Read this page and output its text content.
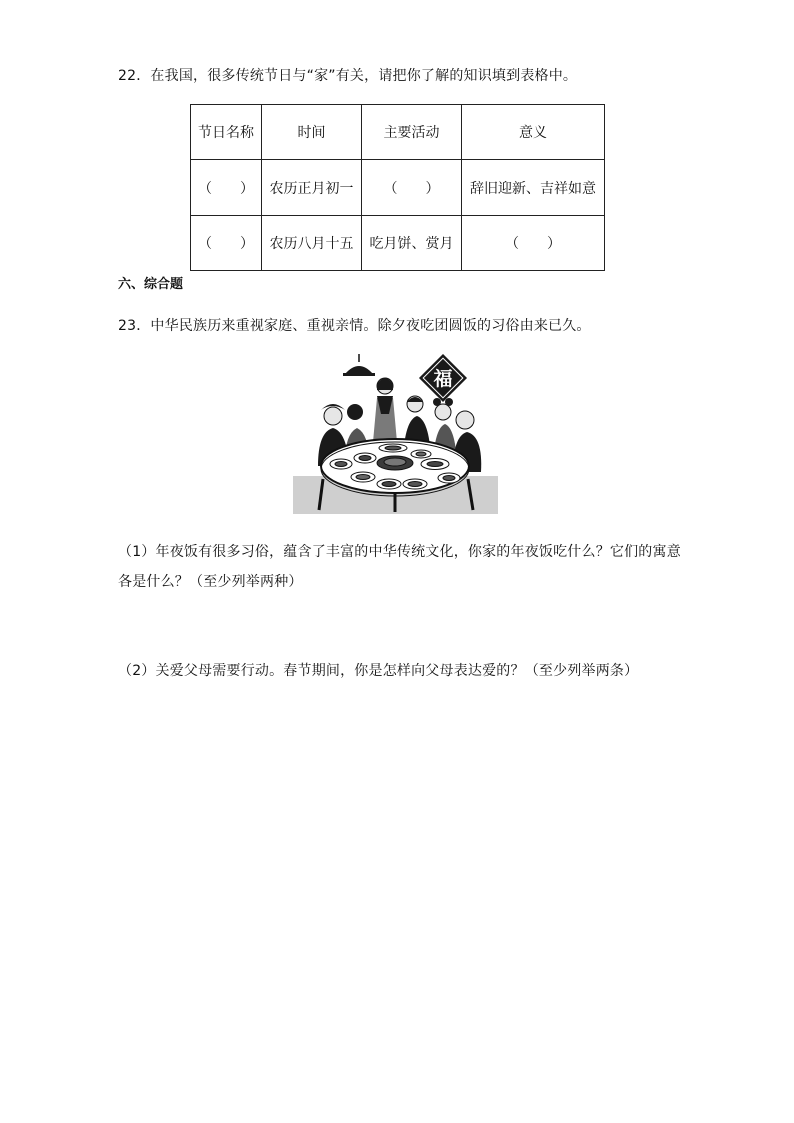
22．在我国，很多传统节日与“家”有关，请把你了解的知识填到表格中。
节日名称	时间	主要活动	意义
（　　）	农历正月初一	（　　）	辞旧迎新、吉祥如意
（　　）	农历八月十五	吃月饼、赏月	（　　）
六、综合题
23．中华民族历来重视家庭、重视亲情。除夕夜吃团圆饭的习俗由来已久。
福
（1）年夜饭有很多习俗，蕴含了丰富的中华传统文化，你家的年夜饭吃什么？它们的寓意
各是什么？（至少列举两种）
（2）关爱父母需要行动。春节期间，你是怎样向父母表达爱的？（至少列举两条）
